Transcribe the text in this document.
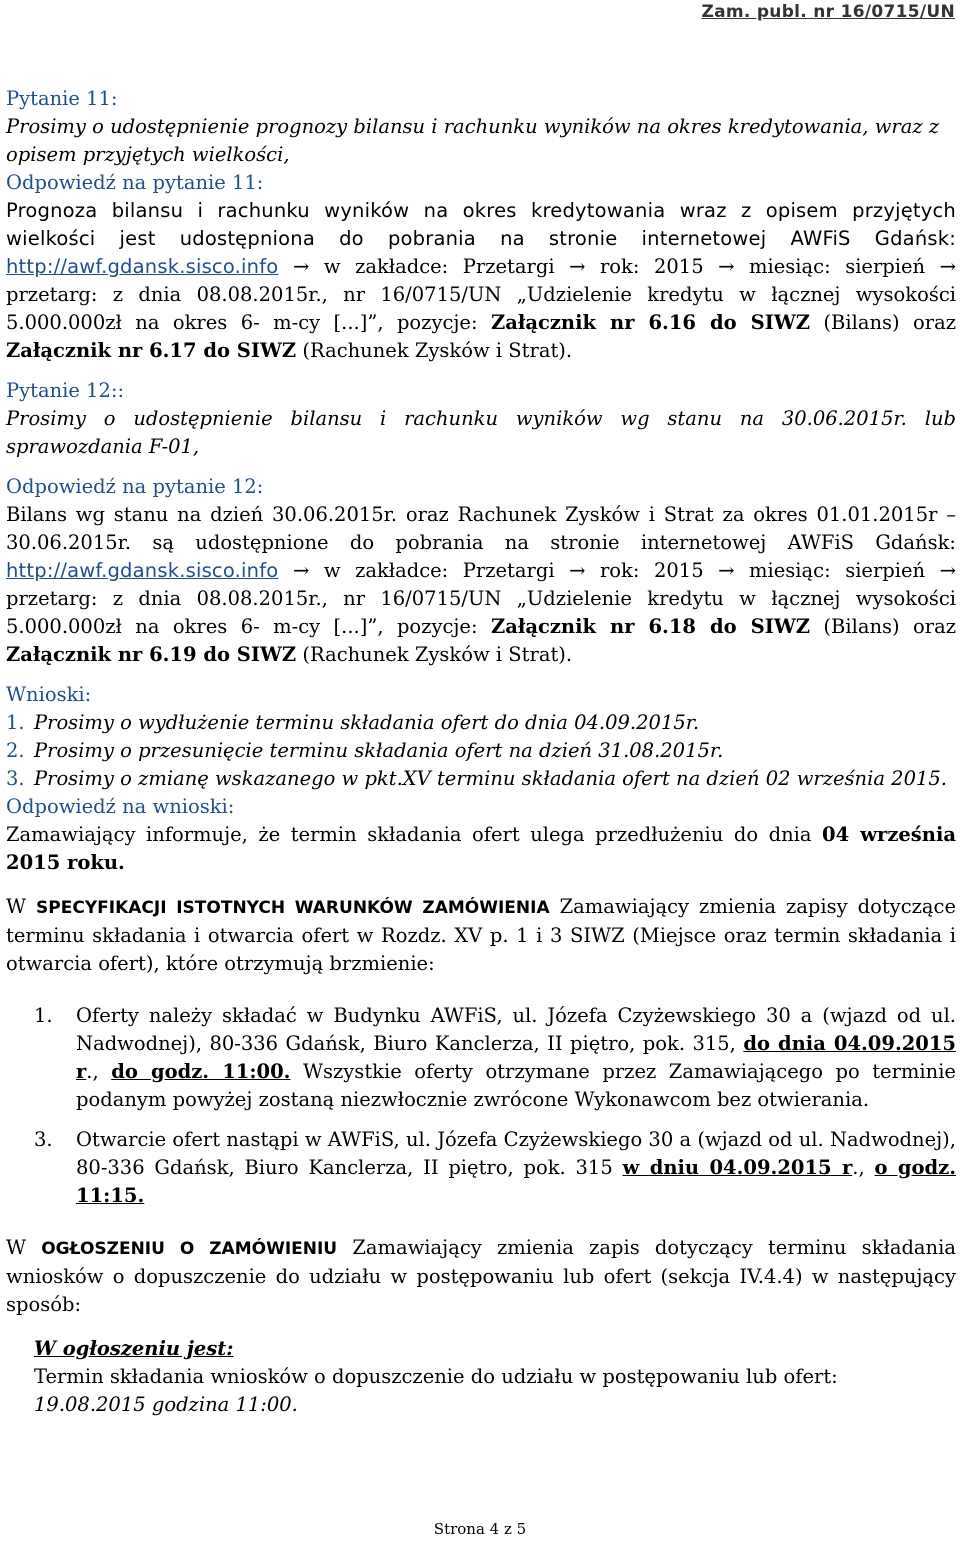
Zam. publ. nr 16/0715/UN

Pytanie 11:

Prosimy o udostępnienie prognozy bilansu i rachunku wyników na okres kredytowania, wraz z opisem przyjętych wielkości,

Odpowiedź na pytanie 11:

Prognoza bilansu i rachunku wyników na okres kredytowania wraz z opisem przyjętych wielkości jest udostępniona do pobrania na stronie internetowej AWFiS Gdańsk: http://awf.gdansk.sisco.info → w zakładce: Przetargi → rok: 2015 → miesiąc: sierpień → przetarg: z dnia 08.08.2015r., nr 16/0715/UN „Udzielenie kredytu w łącznej wysokości 5.000.000zł na okres 6- m-cy [...]”, pozycje: Załącznik nr 6.16 do SIWZ (Bilans) oraz Załącznik nr 6.17 do SIWZ (Rachunek Zysków i Strat).

Pytanie 12::

Prosimy o udostępnienie bilansu i rachunku wyników wg stanu na 30.06.2015r. lub sprawozdania F-01,

Odpowiedź na pytanie 12:

Bilans wg stanu na dzień 30.06.2015r. oraz Rachunek Zysków i Strat za okres 01.01.2015r – 30.06.2015r. są udostępnione do pobrania na stronie internetowej AWFiS Gdańsk: http://awf.gdansk.sisco.info → w zakładce: Przetargi → rok: 2015 → miesiąc: sierpień → przetarg: z dnia 08.08.2015r., nr 16/0715/UN „Udzielenie kredytu w łącznej wysokości 5.000.000zł na okres 6- m-cy [...]”, pozycje: Załącznik nr 6.18 do SIWZ (Bilans) oraz Załącznik nr 6.19 do SIWZ (Rachunek Zysków i Strat).

Wnioski:

1. Prosimy o wydłużenie terminu składania ofert do dnia 04.09.2015r.
2. Prosimy o przesunięcie terminu składania ofert na dzień 31.08.2015r.
3. Prosimy o zmianę wskazanego w pkt.XV terminu składania ofert na dzień 02 września 2015.

Odpowiedź na wnioski:

Zamawiający informuje, że termin składania ofert ulega przedłużeniu do dnia 04 września 2015 roku.

W SPECYFIKACJI ISTOTNYCH WARUNKÓW ZAMÓWIENIA Zamawiający zmienia zapisy dotyczące terminu składania i otwarcia ofert w Rozdz. XV p. 1 i 3 SIWZ (Miejsce oraz termin składania i otwarcia ofert), które otrzymują brzmienie:

1. Oferty należy składać w Budynku AWFiS, ul. Józefa Czyżewskiego 30 a (wjazd od ul. Nadwodnej), 80-336 Gdańsk, Biuro Kanclerza, II piętro, pok. 315, do dnia 04.09.2015 r., do godz. 11:00. Wszystkie oferty otrzymane przez Zamawiającego po terminie podanym powyżej zostaną niezwłocznie zwrócone Wykonawcom bez otwierania.
3. Otwarcie ofert nastąpi w AWFiS, ul. Józefa Czyżewskiego 30 a (wjazd od ul. Nadwodnej), 80-336 Gdańsk, Biuro Kanclerza, II piętro, pok. 315 w dniu 04.09.2015 r., o godz. 11:15.

W OGŁOSZENIU O ZAMÓWIENIU Zamawiający zmienia zapis dotyczący terminu składania wniosków o dopuszczenie do udziału w postępowaniu lub ofert (sekcja IV.4.4) w następujący sposób:

W ogłoszeniu jest:

Termin składania wniosków o dopuszczenie do udziału w postępowaniu lub ofert:

19.08.2015 godzina 11:00.

Strona 4 z 5
